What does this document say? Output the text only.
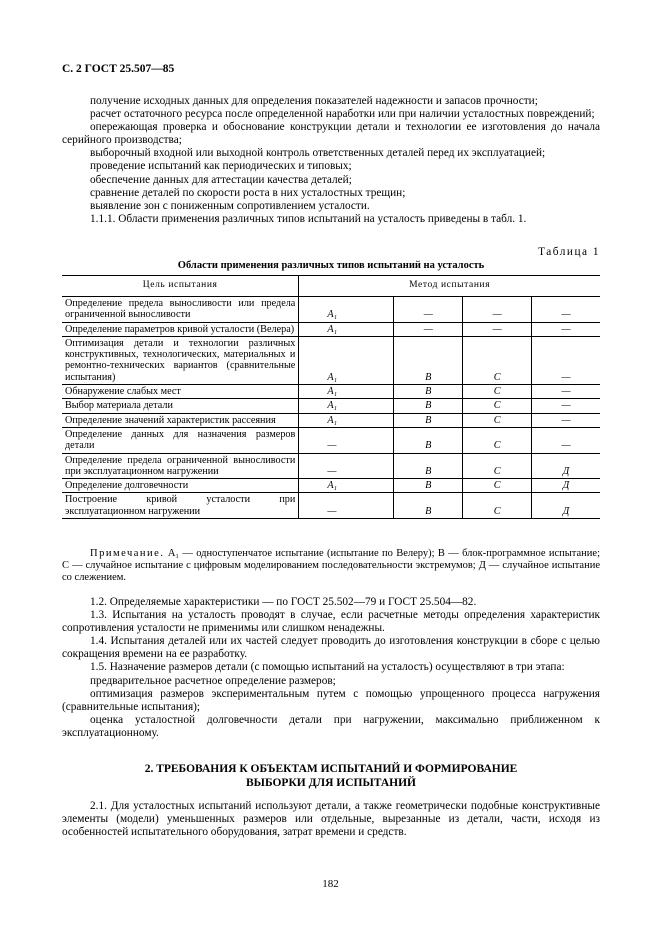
С. 2 ГОСТ 25.507—85

получение исходных данных для определения показателей надежности и запасов прочности;

расчет остаточного ресурса после определенной наработки или при наличии усталостных повреждений;

опережающая проверка и обоснование конструкции детали и технологии ее изготовления до начала серийного производства;

выборочный входной или выходной контроль ответственных деталей перед их эксплуатацией;

проведение испытаний как периодических и типовых;

обеспечение данных для аттестации качества деталей;

сравнение деталей по скорости роста в них усталостных трещин;

выявление зон с пониженным сопротивлением усталости.

1.1.1. Области применения различных типов испытаний на усталость приведены в табл. 1.

Таблица 1
Области применения различных типов испытаний на усталость
Цель испытания	Метод испытания			
Определение предела выносливости или предела ограниченной выносливости	A₁	—	—	—
Определение параметров кривой усталости (Велера)	A₁	—	—	—
Оптимизация детали и технологии различных конструктивных, технологических, материальных и ремонтно-технических вариантов (сравнительные испытания)	A₁	B	C	—
Обнаружение слабых мест	A₁	B	C	—
Выбор материала детали	A₁	B	C	—
Определение значений характеристик рассеяния	A₁	B	C	—
Определение данных для назначения размеров детали	—	B	C	—
Определение предела ограниченной выносливости при эксплуатационном нагружении	—	B	C	Д
Определение долговечности	A₁	B	C	Д
Построение кривой усталости при эксплуатационном нагружении	—	B	C	Д
Примечание. A₁ — одноступенчатое испытание (испытание по Велеру); B — блок-программное испытание; C — случайное испытание с цифровым моделированием последовательности экстремумов; Д — случайное испытание со слежением.

1.2. Определяемые характеристики — по ГОСТ 25.502—79 и ГОСТ 25.504—82.

1.3. Испытания на усталость проводят в случае, если расчетные методы определения характеристик сопротивления усталости не применимы или слишком ненадежны.

1.4. Испытания деталей или их частей следует проводить до изготовления конструкции в сборе с целью сокращения времени на ее разработку.

1.5. Назначение размеров детали (с помощью испытаний на усталость) осуществляют в три этапа:

предварительное расчетное определение размеров;

оптимизация размеров экспериментальным путем с помощью упрощенного процесса нагружения (сравнительные испытания);

оценка усталостной долговечности детали при нагружении, максимально приближенном к эксплуатационному.

2. ТРЕБОВАНИЯ К ОБЪЕКТАМ ИСПЫТАНИЙ И ФОРМИРОВАНИЕ
ВЫБОРКИ ДЛЯ ИСПЫТАНИЙ

2.1. Для усталостных испытаний используют детали, а также геометрически подобные конструктивные элементы (модели) уменьшенных размеров или отдельные, вырезанные из детали, части, исходя из особенностей испытательного оборудования, затрат времени и средств.

182
